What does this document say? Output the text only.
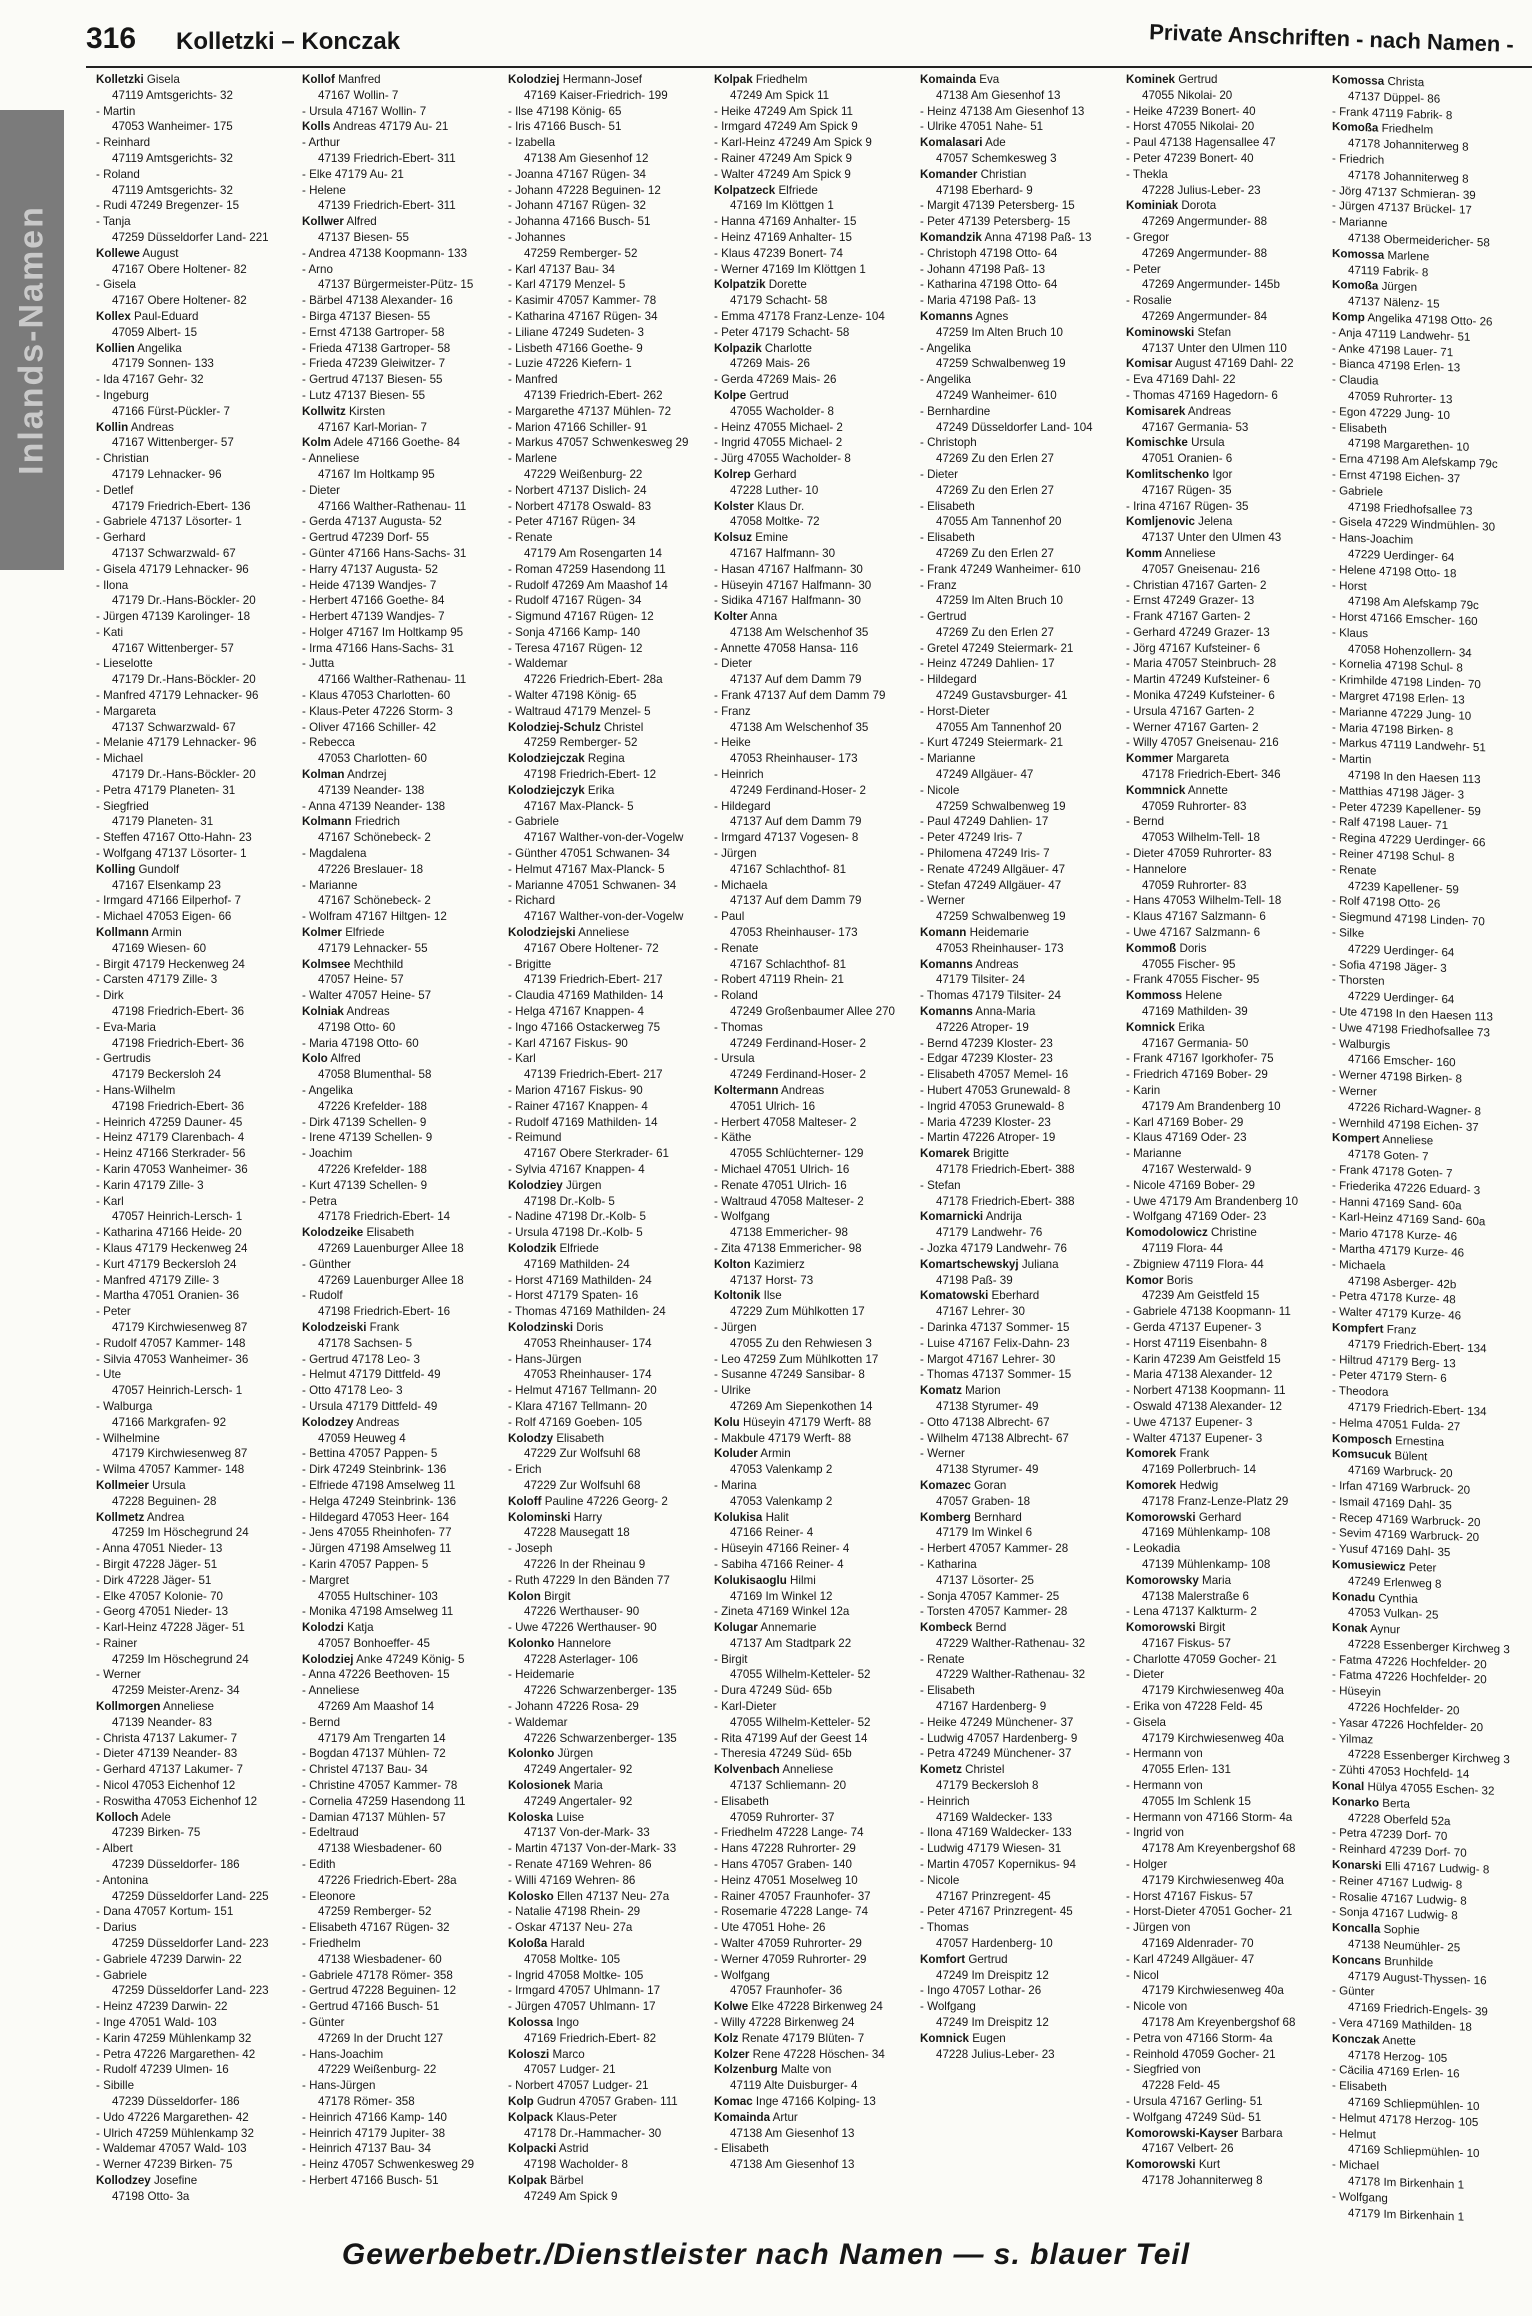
316 Kolletzki – Konczak	Private Anschriften - nach Namen -
Inlands-Namen
Kolletzki Gisela
47119 Amtsgerichts- 32
- Martin
47053 Wanheimer- 175
- Reinhard
47119 Amtsgerichts- 32
- Roland
47119 Amtsgerichts- 32
- Rudi 47249 Bregenzer- 15
- Tanja
47259 Düsseldorfer Land- 221
Kollewe August
47167 Obere Holtener- 82
- Gisela
47167 Obere Holtener- 82
Kollex Paul-Eduard
47059 Albert- 15
Kollien Angelika
47179 Sonnen- 133
- Ida 47167 Gehr- 32
- Ingeburg
47166 Fürst-Pückler- 7
Kollin Andreas
47167 Wittenberger- 57
- Christian
47179 Lehnacker- 96
- Detlef
47179 Friedrich-Ebert- 136
- Gabriele 47137 Lösorter- 1
- Gerhard
47137 Schwarzwald- 67
- Gisela 47179 Lehnacker- 96
- Ilona
47179 Dr.-Hans-Böckler- 20
- Jürgen 47139 Karolinger- 18
- Kati
47167 Wittenberger- 57
- Lieselotte
47179 Dr.-Hans-Böckler- 20
- Manfred 47179 Lehnacker- 96
- Margareta
47137 Schwarzwald- 67
- Melanie 47179 Lehnacker- 96
- Michael
47179 Dr.-Hans-Böckler- 20
- Petra 47179 Planeten- 31
- Siegfried
47179 Planeten- 31
- Steffen 47167 Otto-Hahn- 23
- Wolfgang 47137 Lösorter- 1
Kolling Gundolf
47167 Elsenkamp 23
- Irmgard 47166 Eilperhof- 7
- Michael 47053 Eigen- 66
Kollmann Armin
47169 Wiesen- 60
- Birgit 47179 Heckenweg 24
- Carsten 47179 Zille- 3
- Dirk
47198 Friedrich-Ebert- 36
- Eva-Maria
47198 Friedrich-Ebert- 36
- Gertrudis
47179 Beckersloh 24
- Hans-Wilhelm
47198 Friedrich-Ebert- 36
- Heinrich 47259 Dauner- 45
- Heinz 47179 Clarenbach- 4
- Heinz 47166 Sterkrader- 56
- Karin 47053 Wanheimer- 36
- Karin 47179 Zille- 3
- Karl
47057 Heinrich-Lersch- 1
- Katharina 47166 Heide- 20
- Klaus 47179 Heckenweg 24
- Kurt 47179 Beckersloh 24
- Manfred 47179 Zille- 3
- Martha 47051 Oranien- 36
- Peter
47179 Kirchwiesenweg 87
- Rudolf 47057 Kammer- 148
- Silvia 47053 Wanheimer- 36
- Ute
47057 Heinrich-Lersch- 1
- Walburga
47166 Markgrafen- 92
- Wilhelmine
47179 Kirchwiesenweg 87
- Wilma 47057 Kammer- 148
Kollmeier Ursula
47228 Beguinen- 28
Kollmetz Andrea
47259 Im Höschegrund 24
- Anna 47051 Nieder- 13
- Birgit 47228 Jäger- 51
- Dirk 47228 Jäger- 51
- Elke 47057 Kolonie- 70
- Georg 47051 Nieder- 13
- Karl-Heinz 47228 Jäger- 51
- Rainer
47259 Im Höschegrund 24
- Werner
47259 Meister-Arenz- 34
Kollmorgen Anneliese
47139 Neander- 83
- Christa 47137 Lakumer- 7
- Dieter 47139 Neander- 83
- Gerhard 47137 Lakumer- 7
- Nicol 47053 Eichenhof 12
- Roswitha 47053 Eichenhof 12
Kolloch Adele
47239 Birken- 75
- Albert
47239 Düsseldorfer- 186
- Antonina
47259 Düsseldorfer Land- 225
- Dana 47057 Kortum- 151
- Darius
47259 Düsseldorfer Land- 223
- Gabriele 47239 Darwin- 22
- Gabriele
47259 Düsseldorfer Land- 223
- Heinz 47239 Darwin- 22
- Inge 47051 Wald- 103
- Karin 47259 Mühlenkamp 32
- Petra 47226 Margarethen- 42
- Rudolf 47239 Ulmen- 16
- Sibille
47239 Düsseldorfer- 186
- Udo 47226 Margarethen- 42
- Ulrich 47259 Mühlenkamp 32
- Waldemar 47057 Wald- 103
- Werner 47239 Birken- 75
Kollodzey Josefine
47198 Otto- 3a
Kollof Manfred
47167 Wollin- 7
- Ursula 47167 Wollin- 7
Kolls Andreas 47179 Au- 21
- Arthur
47139 Friedrich-Ebert- 311
- Elke 47179 Au- 21
- Helene
47139 Friedrich-Ebert- 311
Kollwer Alfred
47137 Biesen- 55
- Andrea 47138 Koopmann- 133
- Arno
47137 Bürgermeister-Pütz- 15
- Bärbel 47138 Alexander- 16
- Birga 47137 Biesen- 55
- Ernst 47138 Gartroper- 58
- Frieda 47138 Gartroper- 58
- Frieda 47239 Gleiwitzer- 7
- Gertrud 47137 Biesen- 55
- Lutz 47137 Biesen- 55
Kollwitz Kirsten
47167 Karl-Morian- 7
Kolm Adele 47166 Goethe- 84
- Anneliese
47167 Im Holtkamp 95
- Dieter
47166 Walther-Rathenau- 11
- Gerda 47137 Augusta- 52
- Gertrud 47239 Dorf- 55
- Günter 47166 Hans-Sachs- 31
- Harry 47137 Augusta- 52
- Heide 47139 Wandjes- 7
- Herbert 47166 Goethe- 84
- Herbert 47139 Wandjes- 7
- Holger 47167 Im Holtkamp 95
- Irma 47166 Hans-Sachs- 31
- Jutta
47166 Walther-Rathenau- 11
- Klaus 47053 Charlotten- 60
- Klaus-Peter 47226 Storm- 3
- Oliver 47166 Schiller- 42
- Rebecca
47053 Charlotten- 60
Kolman Andrzej
47139 Neander- 138
- Anna 47139 Neander- 138
Kolmann Friedrich
47167 Schönebeck- 2
- Magdalena
47226 Breslauer- 18
- Marianne
47167 Schönebeck- 2
- Wolfram 47167 Hiltgen- 12
Kolmer Elfriede
47179 Lehnacker- 55
Kolmsee Mechthild
47057 Heine- 57
- Walter 47057 Heine- 57
Kolniak Andreas
47198 Otto- 60
- Maria 47198 Otto- 60
Kolo Alfred
47058 Blumenthal- 58
- Angelika
47226 Krefelder- 188
- Dirk 47139 Schellen- 9
- Irene 47139 Schellen- 9
- Joachim
47226 Krefelder- 188
- Kurt 47139 Schellen- 9
- Petra
47178 Friedrich-Ebert- 14
Kolodzeike Elisabeth
47269 Lauenburger Allee 18
- Günther
47269 Lauenburger Allee 18
- Rudolf
47198 Friedrich-Ebert- 16
Kolodzeiski Frank
47178 Sachsen- 5
- Gertrud 47178 Leo- 3
- Helmut 47179 Dittfeld- 49
- Otto 47178 Leo- 3
- Ursula 47179 Dittfeld- 49
Kolodzey Andreas
47059 Heuweg 4
- Bettina 47057 Pappen- 5
- Dirk 47249 Steinbrink- 136
- Elfriede 47198 Amselweg 11
- Helga 47249 Steinbrink- 136
- Hildegard 47053 Heer- 164
- Jens 47055 Rheinhofen- 77
- Jürgen 47198 Amselweg 11
- Karin 47057 Pappen- 5
- Margret
47055 Hultschiner- 103
- Monika 47198 Amselweg 11
Kolodzi Katja
47057 Bonhoeffer- 45
Kolodziej Anke 47249 König- 5
- Anna 47226 Beethoven- 15
- Anneliese
47269 Am Maashof 14
- Bernd
47179 Am Trengarten 14
- Bogdan 47137 Mühlen- 72
- Christel 47137 Bau- 34
- Christine 47057 Kammer- 78
- Cornelia 47259 Hasendong 11
- Damian 47137 Mühlen- 57
- Edeltraud
47138 Wiesbadener- 60
- Edith
47226 Friedrich-Ebert- 28a
- Eleonore
47259 Remberger- 52
- Elisabeth 47167 Rügen- 32
- Friedhelm
47138 Wiesbadener- 60
- Gabriele 47178 Römer- 358
- Gertrud 47228 Beguinen- 12
- Gertrud 47166 Busch- 51
- Günter
47269 In der Drucht 127
- Hans-Joachim
47229 Weißenburg- 22
- Hans-Jürgen
47178 Römer- 358
- Heinrich 47166 Kamp- 140
- Heinrich 47179 Jupiter- 38
- Heinrich 47137 Bau- 34
- Heinz 47057 Schwenkesweg 29
- Herbert 47166 Busch- 51
Kolodziej Hermann-Josef
47169 Kaiser-Friedrich- 199
- Ilse 47198 König- 65
- Iris 47166 Busch- 51
- Izabella
47138 Am Giesenhof 12
- Joanna 47167 Rügen- 34
- Johann 47228 Beguinen- 12
- Johann 47167 Rügen- 32
- Johanna 47166 Busch- 51
- Johannes
47259 Remberger- 52
- Karl 47137 Bau- 34
- Karl 47179 Menzel- 5
- Kasimir 47057 Kammer- 78
- Katharina 47167 Rügen- 34
- Liliane 47249 Sudeten- 3
- Lisbeth 47166 Goethe- 9
- Luzie 47226 Kiefern- 1
- Manfred
47139 Friedrich-Ebert- 262
- Margarethe 47137 Mühlen- 72
- Marion 47166 Schiller- 91
- Markus 47057 Schwenkesweg 29
- Marlene
47229 Weißenburg- 22
- Norbert 47137 Dislich- 24
- Norbert 47178 Oswald- 83
- Peter 47167 Rügen- 34
- Renate
47179 Am Rosengarten 14
- Roman 47259 Hasendong 11
- Rudolf 47269 Am Maashof 14
- Rudolf 47167 Rügen- 34
- Sigmund 47167 Rügen- 12
- Sonja 47166 Kamp- 140
- Teresa 47167 Rügen- 12
- Waldemar
47226 Friedrich-Ebert- 28a
- Walter 47198 König- 65
- Waltraud 47179 Menzel- 5
Kolodziej-Schulz Christel
47259 Remberger- 52
Kolodziejczak Regina
47198 Friedrich-Ebert- 12
Kolodziejczyk Erika
47167 Max-Planck- 5
- Gabriele
47167 Walther-von-der-Vogelw
- Günther 47051 Schwanen- 34
- Helmut 47167 Max-Planck- 5
- Marianne 47051 Schwanen- 34
- Richard
47167 Walther-von-der-Vogelw
Kolodziejski Anneliese
47167 Obere Holtener- 72
- Brigitte
47139 Friedrich-Ebert- 217
- Claudia 47169 Mathilden- 14
- Helga 47167 Knappen- 4
- Ingo 47166 Ostackerweg 75
- Karl 47167 Fiskus- 90
- Karl
47139 Friedrich-Ebert- 217
- Marion 47167 Fiskus- 90
- Rainer 47167 Knappen- 4
- Rudolf 47169 Mathilden- 14
- Reimund
47167 Obere Sterkrader- 61
- Sylvia 47167 Knappen- 4
Kolodziey Jürgen
47198 Dr.-Kolb- 5
- Nadine 47198 Dr.-Kolb- 5
- Ursula 47198 Dr.-Kolb- 5
Kolodzik Elfriede
47169 Mathilden- 24
- Horst 47169 Mathilden- 24
- Horst 47179 Spaten- 16
- Thomas 47169 Mathilden- 24
Kolodzinski Doris
47053 Rheinhauser- 174
- Hans-Jürgen
47053 Rheinhauser- 174
- Helmut 47167 Tellmann- 20
- Klara 47167 Tellmann- 20
- Rolf 47169 Goeben- 105
Kolodzy Elisabeth
47229 Zur Wolfsuhl 68
- Erich
47229 Zur Wolfsuhl 68
Koloff Pauline 47226 Georg- 2
Kolominski Harry
47228 Mausegatt 18
- Joseph
47226 In der Rheinau 9
- Ruth 47229 In den Bänden 77
Kolon Birgit
47226 Werthauser- 90
- Uwe 47226 Werthauser- 90
Kolonko Hannelore
47228 Asterlager- 106
- Heidemarie
47226 Schwarzenberger- 135
- Johann 47226 Rosa- 29
- Waldemar
47226 Schwarzenberger- 135
Kolonko Jürgen
47249 Angertaler- 92
Kolosionek Maria
47249 Angertaler- 92
Koloska Luise
47137 Von-der-Mark- 33
- Martin 47137 Von-der-Mark- 33
- Renate 47169 Wehren- 86
- Willi 47169 Wehren- 86
Kolosko Ellen 47137 Neu- 27a
- Natalie 47198 Rhein- 29
- Oskar 47137 Neu- 27a
Koloßa Harald
47058 Moltke- 105
- Ingrid 47058 Moltke- 105
- Irmgard 47057 Uhlmann- 17
- Jürgen 47057 Uhlmann- 17
Kolossa Ingo
47169 Friedrich-Ebert- 82
Koloszi Marco
47057 Ludger- 21
- Norbert 47057 Ludger- 21
Kolp Gudrun 47057 Graben- 111
Kolpack Klaus-Peter
47178 Dr.-Hammacher- 30
Kolpacki Astrid
47198 Wacholder- 8
Kolpak Bärbel
47249 Am Spick 9
Kolpak Friedhelm
47249 Am Spick 11
- Heike 47249 Am Spick 11
- Irmgard 47249 Am Spick 9
- Karl-Heinz 47249 Am Spick 9
- Rainer 47249 Am Spick 9
- Walter 47249 Am Spick 9
Kolpatzeck Elfriede
47169 Im Klöttgen 1
- Hanna 47169 Anhalter- 15
- Heinz 47169 Anhalter- 15
- Klaus 47239 Bonert- 74
- Werner 47169 Im Klöttgen 1
Kolpatzik Dorette
47179 Schacht- 58
- Emma 47178 Franz-Lenze- 104
- Peter 47179 Schacht- 58
Kolpazik Charlotte
47269 Mais- 26
- Gerda 47269 Mais- 26
Kolpe Gertrud
47055 Wacholder- 8
- Heinz 47055 Michael- 2
- Ingrid 47055 Michael- 2
- Jürg 47055 Wacholder- 8
Kolrep Gerhard
47228 Luther- 10
Kolster Klaus Dr.
47058 Moltke- 72
Kolsuz Emine
47167 Halfmann- 30
- Hasan 47167 Halfmann- 30
- Hüseyin 47167 Halfmann- 30
- Sidika 47167 Halfmann- 30
Kolter Anna
47138 Am Welschenhof 35
- Annette 47058 Hansa- 116
- Dieter
47137 Auf dem Damm 79
- Frank 47137 Auf dem Damm 79
- Franz
47138 Am Welschenhof 35
- Heike
47053 Rheinhauser- 173
- Heinrich
47249 Ferdinand-Hoser- 2
- Hildegard
47137 Auf dem Damm 79
- Irmgard 47137 Vogesen- 8
- Jürgen
47167 Schlachthof- 81
- Michaela
47137 Auf dem Damm 79
- Paul
47053 Rheinhauser- 173
- Renate
47167 Schlachthof- 81
- Robert 47119 Rhein- 21
- Roland
47249 Großenbaumer Allee 270
- Thomas
47249 Ferdinand-Hoser- 2
- Ursula
47249 Ferdinand-Hoser- 2
Koltermann Andreas
47051 Ulrich- 16
- Herbert 47058 Malteser- 2
- Käthe
47055 Schlüchterner- 129
- Michael 47051 Ulrich- 16
- Renate 47051 Ulrich- 16
- Waltraud 47058 Malteser- 2
- Wolfgang
47138 Emmericher- 98
- Zita 47138 Emmericher- 98
Kolton Kazimierz
47137 Horst- 73
Koltonik Ilse
47229 Zum Mühlkotten 17
- Jürgen
47055 Zu den Rehwiesen 3
- Leo 47259 Zum Mühlkotten 17
- Susanne 47249 Sansibar- 8
- Ulrike
47269 Am Siepenkothen 14
Kolu Hüseyin 47179 Werft- 88
- Makbule 47179 Werft- 88
Koluder Armin
47053 Valenkamp 2
- Marina
47053 Valenkamp 2
Kolukisa Halit
47166 Reiner- 4
- Hüseyin 47166 Reiner- 4
- Sabiha 47166 Reiner- 4
Kolukisaoglu Hilmi
47169 Im Winkel 12
- Zineta 47169 Winkel 12a
Kolugar Annemarie
47137 Am Stadtpark 22
- Birgit
47055 Wilhelm-Ketteler- 52
- Dura 47249 Süd- 65b
- Karl-Dieter
47055 Wilhelm-Ketteler- 52
- Rita 47199 Auf der Geest 14
- Theresia 47249 Süd- 65b
Kolvenbach Anneliese
47137 Schliemann- 20
- Elisabeth
47059 Ruhrorter- 37
- Friedhelm 47228 Lange- 74
- Hans 47228 Ruhrorter- 29
- Hans 47057 Graben- 140
- Heinz 47051 Moselweg 10
- Rainer 47057 Fraunhofer- 37
- Rosemarie 47228 Lange- 74
- Ute 47051 Hohe- 26
- Walter 47059 Ruhrorter- 29
- Werner 47059 Ruhrorter- 29
- Wolfgang
47057 Fraunhofer- 36
Kolwe Elke 47228 Birkenweg 24
- Willy 47228 Birkenweg 24
Kolz Renate 47179 Blüten- 7
Kolzer Rene 47228 Höschen- 34
Kolzenburg Malte von
47119 Alte Duisburger- 4
Komac Inge 47166 Kolping- 13
Komainda Artur
47138 Am Giesenhof 13
- Elisabeth
47138 Am Giesenhof 13
Komainda Eva
47138 Am Giesenhof 13
- Heinz 47138 Am Giesenhof 13
- Ulrike 47051 Nahe- 51
Komalasari Ade
47057 Schemkesweg 3
Komander Christian
47198 Eberhard- 9
- Margit 47139 Petersberg- 15
- Peter 47139 Petersberg- 15
Komandzik Anna 47198 Paß- 13
- Christoph 47198 Otto- 64
- Johann 47198 Paß- 13
- Katharina 47198 Otto- 64
- Maria 47198 Paß- 13
Komanns Agnes
47259 Im Alten Bruch 10
- Angelika
47259 Schwalbenweg 19
- Angelika
47249 Wanheimer- 610
- Bernhardine
47249 Düsseldorfer Land- 104
- Christoph
47269 Zu den Erlen 27
- Dieter
47269 Zu den Erlen 27
- Elisabeth
47055 Am Tannenhof 20
- Elisabeth
47269 Zu den Erlen 27
- Frank 47249 Wanheimer- 610
- Franz
47259 Im Alten Bruch 10
- Gertrud
47269 Zu den Erlen 27
- Gretel 47249 Steiermark- 21
- Heinz 47249 Dahlien- 17
- Hildegard
47249 Gustavsburger- 41
- Horst-Dieter
47055 Am Tannenhof 20
- Kurt 47249 Steiermark- 21
- Marianne
47249 Allgäuer- 47
- Nicole
47259 Schwalbenweg 19
- Paul 47249 Dahlien- 17
- Peter 47249 Iris- 7
- Philomena 47249 Iris- 7
- Renate 47249 Allgäuer- 47
- Stefan 47249 Allgäuer- 47
- Werner
47259 Schwalbenweg 19
Komann Heidemarie
47053 Rheinhauser- 173
Komanns Andreas
47179 Tilsiter- 24
- Thomas 47179 Tilsiter- 24
Komanns Anna-Maria
47226 Atroper- 19
- Bernd 47239 Kloster- 23
- Edgar 47239 Kloster- 23
- Elisabeth 47057 Memel- 16
- Hubert 47053 Grunewald- 8
- Ingrid 47053 Grunewald- 8
- Maria 47239 Kloster- 23
- Martin 47226 Atroper- 19
Komarek Brigitte
47178 Friedrich-Ebert- 388
- Stefan
47178 Friedrich-Ebert- 388
Komarnicki Andrija
47179 Landwehr- 76
- Jozka 47179 Landwehr- 76
Komartschewskyj Juliana
47198 Paß- 39
Komatowski Eberhard
47167 Lehrer- 30
- Darinka 47137 Sommer- 15
- Luise 47167 Felix-Dahn- 23
- Margot 47167 Lehrer- 30
- Thomas 47137 Sommer- 15
Komatz Marion
47138 Styrumer- 49
- Otto 47138 Albrecht- 67
- Wilhelm 47138 Albrecht- 67
- Werner
47138 Styrumer- 49
Komazec Goran
47057 Graben- 18
Komberg Bernhard
47179 Im Winkel 6
- Herbert 47057 Kammer- 28
- Katharina
47137 Lösorter- 25
- Sonja 47057 Kammer- 25
- Torsten 47057 Kammer- 28
Kombeck Bernd
47229 Walther-Rathenau- 32
- Renate
47229 Walther-Rathenau- 32
- Elisabeth
47167 Hardenberg- 9
- Heike 47249 Münchener- 37
- Ludwig 47057 Hardenberg- 9
- Petra 47249 Münchener- 37
Kometz Christel
47179 Beckersloh 8
- Heinrich
47169 Waldecker- 133
- Ilona 47169 Waldecker- 133
- Ludwig 47179 Wiesen- 31
- Martin 47057 Kopernikus- 94
- Nicole
47167 Prinzregent- 45
- Peter 47167 Prinzregent- 45
- Thomas
47057 Hardenberg- 10
Komfort Gertrud
47249 Im Dreispitz 12
- Ingo 47057 Lothar- 26
- Wolfgang
47249 Im Dreispitz 12
Komnick Eugen
47228 Julius-Leber- 23
Kominek Gertrud
47055 Nikolai- 20
- Heike 47239 Bonert- 40
- Horst 47055 Nikolai- 20
- Paul 47138 Hagensallee 47
- Peter 47239 Bonert- 40
- Thekla
47228 Julius-Leber- 23
Kominiak Dorota
47269 Angermunder- 88
- Gregor
47269 Angermunder- 88
- Peter
47269 Angermunder- 145b
- Rosalie
47269 Angermunder- 84
Kominowski Stefan
47137 Unter den Ulmen 110
Komisar August 47169 Dahl- 22
- Eva 47169 Dahl- 22
- Thomas 47169 Hagedorn- 6
Komisarek Andreas
47167 Germania- 53
Komischke Ursula
47051 Oranien- 6
Komlitschenko Igor
47167 Rügen- 35
- Irina 47167 Rügen- 35
Komljenovic Jelena
47137 Unter den Ulmen 43
Komm Anneliese
47057 Gneisenau- 216
- Christian 47167 Garten- 2
- Ernst 47249 Grazer- 13
- Frank 47167 Garten- 2
- Gerhard 47249 Grazer- 13
- Jörg 47167 Kufsteiner- 6
- Maria 47057 Steinbruch- 28
- Martin 47249 Kufsteiner- 6
- Monika 47249 Kufsteiner- 6
- Ursula 47167 Garten- 2
- Werner 47167 Garten- 2
- Willy 47057 Gneisenau- 216
Kommer Margareta
47178 Friedrich-Ebert- 346
Kommnick Annette
47059 Ruhrorter- 83
- Bernd
47053 Wilhelm-Tell- 18
- Dieter 47059 Ruhrorter- 83
- Hannelore
47059 Ruhrorter- 83
- Hans 47053 Wilhelm-Tell- 18
- Klaus 47167 Salzmann- 6
- Uwe 47167 Salzmann- 6
Kommoß Doris
47055 Fischer- 95
- Frank 47055 Fischer- 95
Kommoss Helene
47169 Mathilden- 39
Komnick Erika
47167 Germania- 50
- Frank 47167 Igorkhofer- 75
- Friedrich 47169 Bober- 29
- Karin
47179 Am Brandenberg 10
- Karl 47169 Bober- 29
- Klaus 47169 Oder- 23
- Marianne
47167 Westerwald- 9
- Nicole 47169 Bober- 29
- Uwe 47179 Am Brandenberg 10
- Wolfgang 47169 Oder- 23
Komodolowicz Christine
47119 Flora- 44
- Zbigniew 47119 Flora- 44
Komor Boris
47239 Am Geistfeld 15
- Gabriele 47138 Koopmann- 11
- Gerda 47137 Eupener- 3
- Horst 47119 Eisenbahn- 8
- Karin 47239 Am Geistfeld 15
- Maria 47138 Alexander- 12
- Norbert 47138 Koopmann- 11
- Oswald 47138 Alexander- 12
- Uwe 47137 Eupener- 3
- Walter 47137 Eupener- 3
Komorek Frank
47169 Pollerbruch- 14
Komorek Hedwig
47178 Franz-Lenze-Platz 29
Komorowski Gerhard
47169 Mühlenkamp- 108
- Leokadia
47139 Mühlenkamp- 108
Komorowsky Maria
47138 Malerstraße 6
- Lena 47137 Kalkturm- 2
Komorowski Birgit
47167 Fiskus- 57
- Charlotte 47059 Gocher- 21
- Dieter
47179 Kirchwiesenweg 40a
- Erika von 47228 Feld- 45
- Gisela
47179 Kirchwiesenweg 40a
- Hermann von
47055 Erlen- 131
- Hermann von
47055 Im Schlenk 15
- Hermann von 47166 Storm- 4a
- Ingrid von
47178 Am Kreyenbergshof 68
- Holger
47179 Kirchwiesenweg 40a
- Horst 47167 Fiskus- 57
- Horst-Dieter 47051 Gocher- 21
- Jürgen von
47169 Aldenrader- 70
- Karl 47249 Allgäuer- 47
- Nicol
47179 Kirchwiesenweg 40a
- Nicole von
47178 Am Kreyenbergshof 68
- Petra von 47166 Storm- 4a
- Reinhold 47059 Gocher- 21
- Siegfried von
47228 Feld- 45
- Ursula 47167 Gerling- 51
- Wolfgang 47249 Süd- 51
Komorowski-Kayser Barbara
47167 Velbert- 26
Komorowski Kurt
47178 Johanniterweg 8
Komossa Christa
47137 Düppel- 86
- Frank 47119 Fabrik- 8
Komoßa Friedhelm
47178 Johanniterweg 8
- Friedrich
47178 Johanniterweg 8
- Jörg 47137 Schmieran- 39
- Jürgen 47137 Brückel- 17
- Marianne
47138 Obermeidericher- 58
Komossa Marlene
47119 Fabrik- 8
Komoßa Jürgen
47137 Nälenz- 15
Komp Angelika 47198 Otto- 26
- Anja 47119 Landwehr- 51
- Anke 47198 Lauer- 71
- Bianca 47198 Erlen- 13
- Claudia
47059 Ruhrorter- 13
- Egon 47229 Jung- 10
- Elisabeth
47198 Margarethen- 10
- Erna 47198 Am Alefskamp 79c
- Ernst 47198 Eichen- 37
- Gabriele
47198 Friedhofsallee 73
- Gisela 47229 Windmühlen- 30
- Hans-Joachim
47229 Uerdinger- 64
- Helene 47198 Otto- 18
- Horst
47198 Am Alefskamp 79c
- Horst 47166 Emscher- 160
- Klaus
47058 Hohenzollern- 34
- Kornelia 47198 Schul- 8
- Krimhilde 47198 Linden- 70
- Margret 47198 Erlen- 13
- Marianne 47229 Jung- 10
- Maria 47198 Birken- 8
- Markus 47119 Landwehr- 51
- Martin
47198 In den Haesen 113
- Matthias 47198 Jäger- 3
- Peter 47239 Kapellener- 59
- Ralf 47198 Lauer- 71
- Regina 47229 Uerdinger- 66
- Reiner 47198 Schul- 8
- Renate
47239 Kapellener- 59
- Rolf 47198 Otto- 26
- Siegmund 47198 Linden- 70
- Silke
47229 Uerdinger- 64
- Sofia 47198 Jäger- 3
- Thorsten
47229 Uerdinger- 64
- Ute 47198 In den Haesen 113
- Uwe 47198 Friedhofsallee 73
- Walburgis
47166 Emscher- 160
- Werner 47198 Birken- 8
- Werner
47226 Richard-Wagner- 8
- Wernhild 47198 Eichen- 37
Kompert Anneliese
47178 Goten- 7
- Frank 47178 Goten- 7
- Friederika 47226 Eduard- 3
- Hanni 47169 Sand- 60a
- Karl-Heinz 47169 Sand- 60a
- Mario 47178 Kurze- 46
- Martha 47179 Kurze- 46
- Michaela
47198 Asberger- 42b
- Petra 47178 Kurze- 48
- Walter 47179 Kurze- 46
Kompfert Franz
47179 Friedrich-Ebert- 134
- Hiltrud 47179 Berg- 13
- Peter 47179 Stern- 6
- Theodora
47179 Friedrich-Ebert- 134
- Helma 47051 Fulda- 27
Komposch Ernestina
Komsucuk Bülent
47169 Warbruck- 20
- Irfan 47169 Warbruck- 20
- Ismail 47169 Dahl- 35
- Recep 47169 Warbruck- 20
- Sevim 47169 Warbruck- 20
- Yusuf 47169 Dahl- 35
Komusiewicz Peter
47249 Erlenweg 8
Konadu Cynthia
47053 Vulkan- 25
Konak Aynur
47228 Essenberger Kirchweg 3
- Fatma 47226 Hochfelder- 20
- Fatma 47226 Hochfelder- 20
- Hüseyin
47226 Hochfelder- 20
- Yasar 47226 Hochfelder- 20
- Yilmaz
47228 Essenberger Kirchweg 3
- Zühti 47053 Hochfeld- 14
Konal Hülya 47055 Eschen- 32
Konarko Berta
47228 Oberfeld 52a
- Petra 47239 Dorf- 70
- Reinhard 47239 Dorf- 70
Konarski Elli 47167 Ludwig- 8
- Reiner 47167 Ludwig- 8
- Rosalie 47167 Ludwig- 8
- Sonja 47167 Ludwig- 8
Koncalla Sophie
47138 Neumühler- 25
Koncans Brunhilde
47179 August-Thyssen- 16
- Günter
47169 Friedrich-Engels- 39
- Vera 47169 Mathilden- 18
Konczak Anette
47178 Herzog- 105
- Cäcilia 47169 Erlen- 16
- Elisabeth
47169 Schliepmühlen- 10
- Helmut 47178 Herzog- 105
- Helmut
47169 Schliepmühlen- 10
- Michael
47178 Im Birkenhain 1
- Wolfgang
47179 Im Birkenhain 1
Gewerbebetr./Dienstleister nach Namen — s. blauer Teil
